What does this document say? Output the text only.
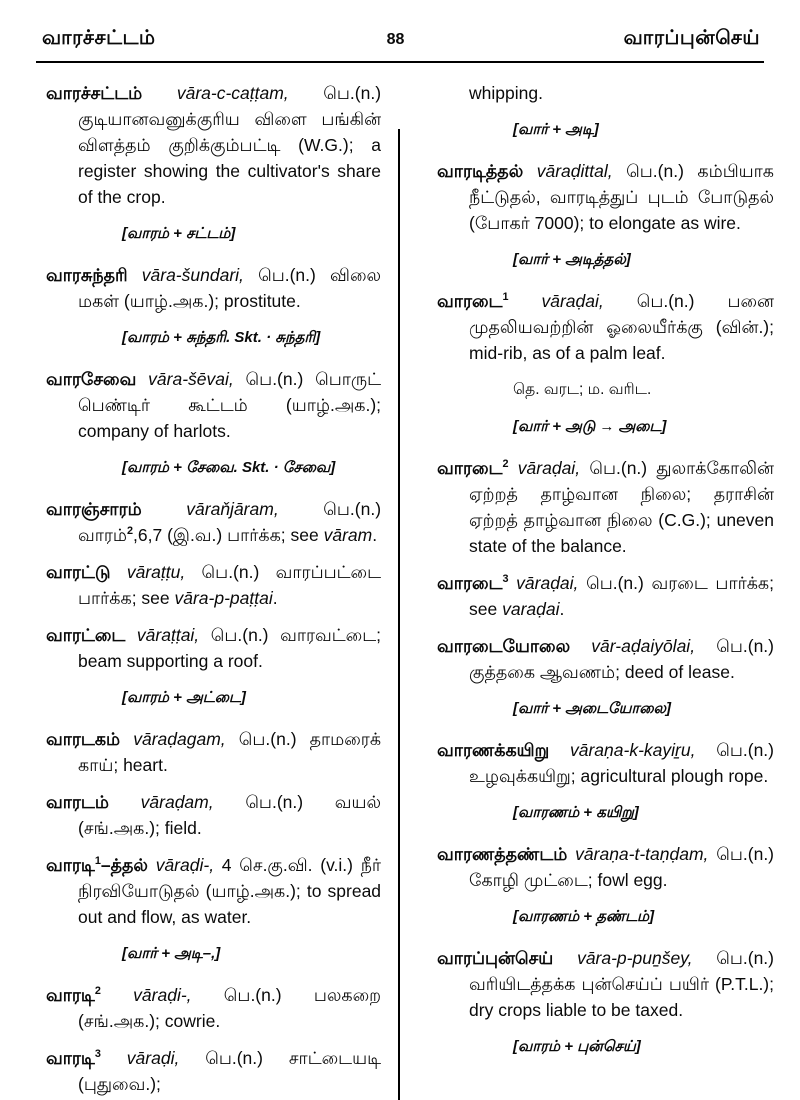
வாரச்சட்டம்	88	வாரப்புன்செய்

வாரச்சட்டம் vāra-c-caṭṭam, பெ.(n.) குடியானவனுக்குரிய விளை பங்கின் விளத்தம் குறிக்கும்பட்டி (W.G.); a register showing the cultivator's share of the crop.

[வாரம் + சட்டம்]

வாரசுந்தரி vāra-šundari, பெ.(n.) விலை மகள் (யாழ்.அக.); prostitute.

[வாரம் + சுந்தரி. Skt. · சுந்தரி]

வாரசேவை vāra-šēvai, பெ.(n.) பொருட் பெண்டிர் கூட்டம் (யாழ்.அக.); company of harlots.

[வாரம் + சேவை. Skt. · சேவை]

வாரஞ்சாரம் vāraňjāram, பெ.(n.) வாரம்$^2$,6,7 (இ.வ.) பார்க்க; see vāram.

வாரட்டு vāraṭṭu, பெ.(n.) வாரப்பட்டை பார்க்க; see vāra-p-paṭṭai.

வாரட்டை vāraṭṭai, பெ.(n.) வாரவட்டை; beam supporting a roof.

[வாரம் + அட்டை]

வாரடகம் vāraḍagam, பெ.(n.) தாமரைக் காய்; heart.

வாரடம் vāraḍam, பெ.(n.) வயல் (சங்.அக.); field.

வாரடி$^1$–த்தல் vāraḍi-, 4 செ.கு.வி. (v.i.) நீர் நிரவியோடுதல் (யாழ்.அக.); to spread out and flow, as water.

[வார் + அடி–,]

வாரடி$^2$ vāraḍi-, பெ.(n.) பலகறை (சங்.அக.); cowrie.

வாரடி$^3$ vāraḍi, பெ.(n.) சாட்டையடி (புதுவை.);

whipping.

[வார் + அடி]

வாரடித்தல் vāraḍittal, பெ.(n.) கம்பியாக நீட்டுதல், வாரடித்துப் புடம் போடுதல் (போகர் 7000); to elongate as wire.

[வார் + அடித்தல்]

வாரடை$^1$ vāraḍai, பெ.(n.) பனை முதலியவற்றின் ஓலையீர்க்கு (வின்.); mid-rib, as of a palm leaf.

தெ. வரட; ம. வரிட.

[வார் + அடு → அடை]

வாரடை$^2$ vāraḍai, பெ.(n.) துலாக்கோலின் ஏற்றத் தாழ்வான நிலை; தராசின் ஏற்றத் தாழ்வான நிலை (C.G.); uneven state of the balance.

வாரடை$^3$ vāraḍai, பெ.(n.) வரடை பார்க்க; see varaḍai.

வாரடையோலை vār-aḍaiyōlai, பெ.(n.) குத்தகை ஆவணம்; deed of lease.

[வார் + அடையோலை]

வாரணக்கயிறு vāraṇa-k-kayiṟu, பெ.(n.) உழவுக்கயிறு; agricultural plough rope.

[வாரணம் + கயிறு]

வாரணத்தண்டம் vāraṇa-t-taṇḍam, பெ.(n.) கோழி முட்டை; fowl egg.

[வாரணம் + தண்டம்]

வாரப்புன்செய் vāra-p-puṉšey, பெ.(n.) வரியிடத்தக்க புன்செய்ப் பயிர் (P.T.L.); dry crops liable to be taxed.

[வாரம் + புன்செய்]
